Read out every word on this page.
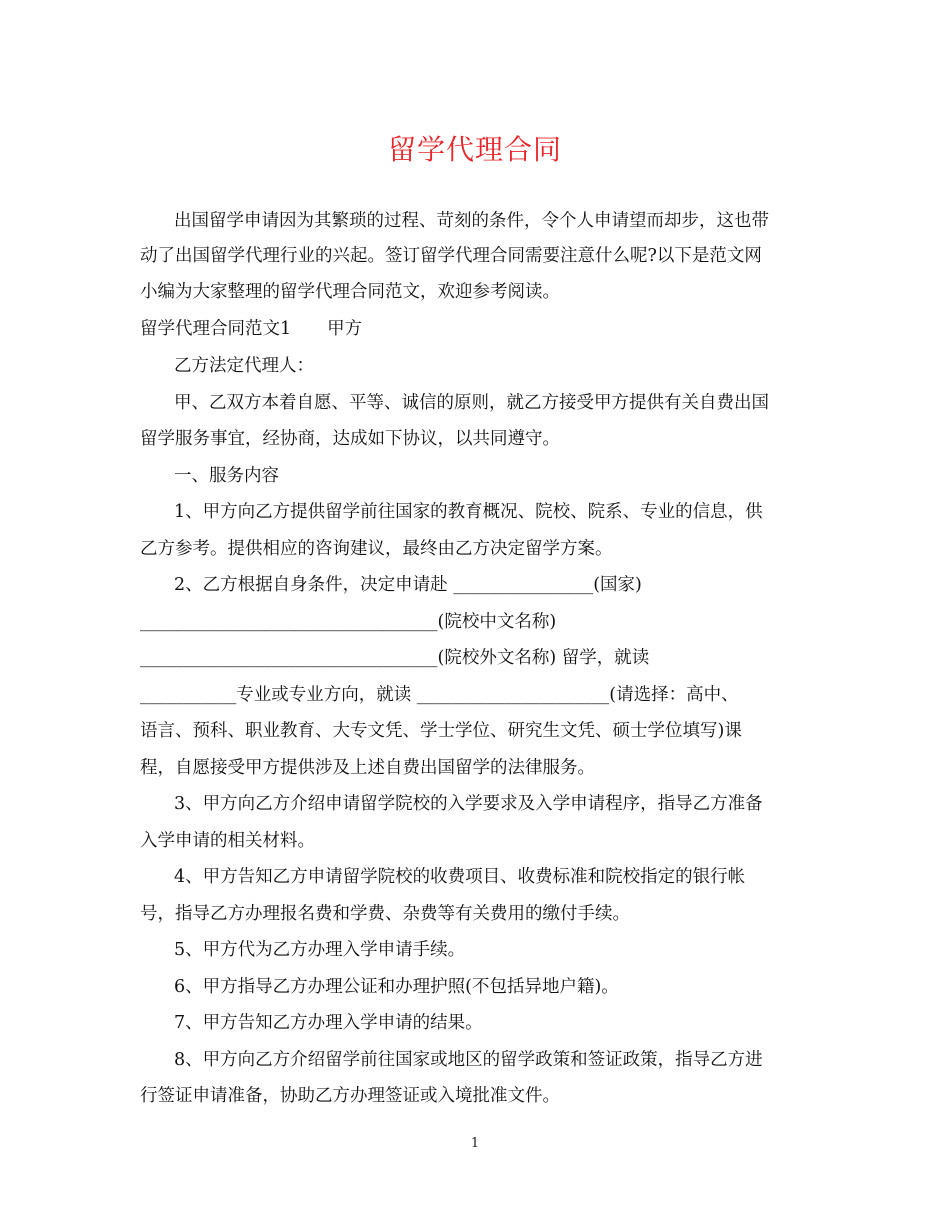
留学代理合同
出国留学申请因为其繁琐的过程、苛刻的条件，令个人申请望而却步，这也带
动了出国留学代理行业的兴起。签订留学代理合同需要注意什么呢?以下是范文网
小编为大家整理的留学代理合同范文，欢迎参考阅读。
留学代理合同范文1 甲方
乙方法定代理人：
甲、乙双方本着自愿、平等、诚信的原则，就乙方接受甲方提供有关自费出国
留学服务事宜，经协商，达成如下协议，以共同遵守。
一、服务内容
1、甲方向乙方提供留学前往国家的教育概况、院校、院系、专业的信息，供
乙方参考。提供相应的咨询建议，最终由乙方决定留学方案。
2、乙方根据自身条件，决定申请赴 ________________(国家)
__________________________________(院校中文名称)
__________________________________(院校外文名称) 留学，就读
___________专业或专业方向，就读 ______________________(请选择：高中、
语言、预科、职业教育、大专文凭、学士学位、研究生文凭、硕士学位填写)课
程，自愿接受甲方提供涉及上述自费出国留学的法律服务。
3、甲方向乙方介绍申请留学院校的入学要求及入学申请程序，指导乙方准备
入学申请的相关材料。
4、甲方告知乙方申请留学院校的收费项目、收费标准和院校指定的银行帐
号，指导乙方办理报名费和学费、杂费等有关费用的缴付手续。
5、甲方代为乙方办理入学申请手续。
6、甲方指导乙方办理公证和办理护照(不包括异地户籍)。
7、甲方告知乙方办理入学申请的结果。
8、甲方向乙方介绍留学前往国家或地区的留学政策和签证政策，指导乙方进
行签证申请准备，协助乙方办理签证或入境批准文件。
1
